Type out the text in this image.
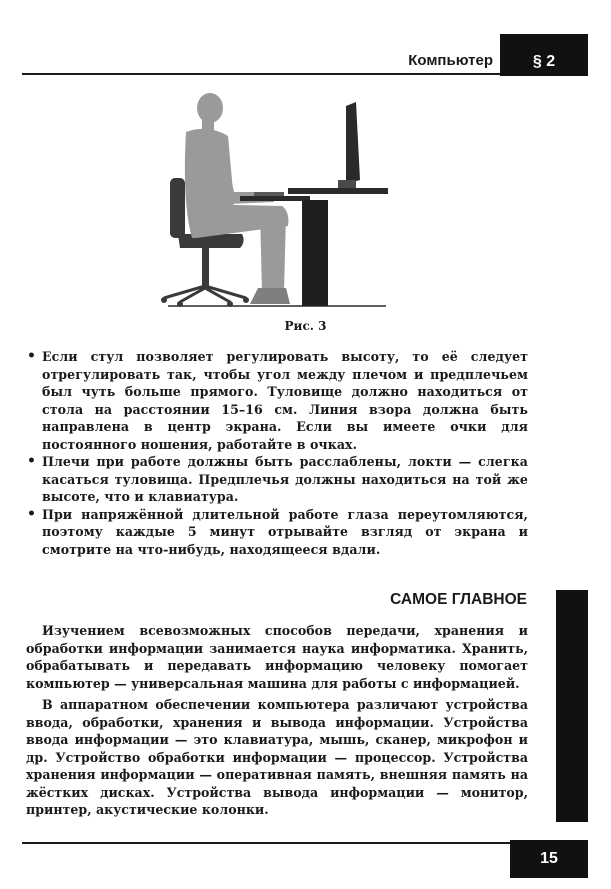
Компьютер	§ 2
Рис. 3
• Если стул позволяет регулировать высоту, то её следует отрегулировать так, чтобы угол между плечом и предплечьем был чуть больше прямого. Туловище должно находиться от стола на расстоянии 15–16 см. Линия взора должна быть направлена в центр экрана. Если вы имеете очки для постоянного ношения, работайте в очках.
• Плечи при работе должны быть расслаблены, локти — слегка касаться туловища. Предплечья должны находиться на той же высоте, что и клавиатура.
• При напряжённой длительной работе глаза переутомляются, поэтому каждые 5 минут отрывайте взгляд от экрана и смотрите на что-нибудь, находящееся вдали.
САМОЕ ГЛАВНОЕ

Изучением всевозможных способов передачи, хранения и обработки информации занимается наука информатика. Хранить, обрабатывать и передавать информацию человеку помогает компьютер — универсальная машина для работы с информацией.

В аппаратном обеспечении компьютера различают устройства ввода, обработки, хранения и вывода информации. Устройства ввода информации — это клавиатура, мышь, сканер, микрофон и др. Устройство обработки информации — процессор. Устройства хранения информации — оперативная память, внешняя память на жёстких дисках. Устройства вывода информации — монитор, принтер, акустические колонки.

15
